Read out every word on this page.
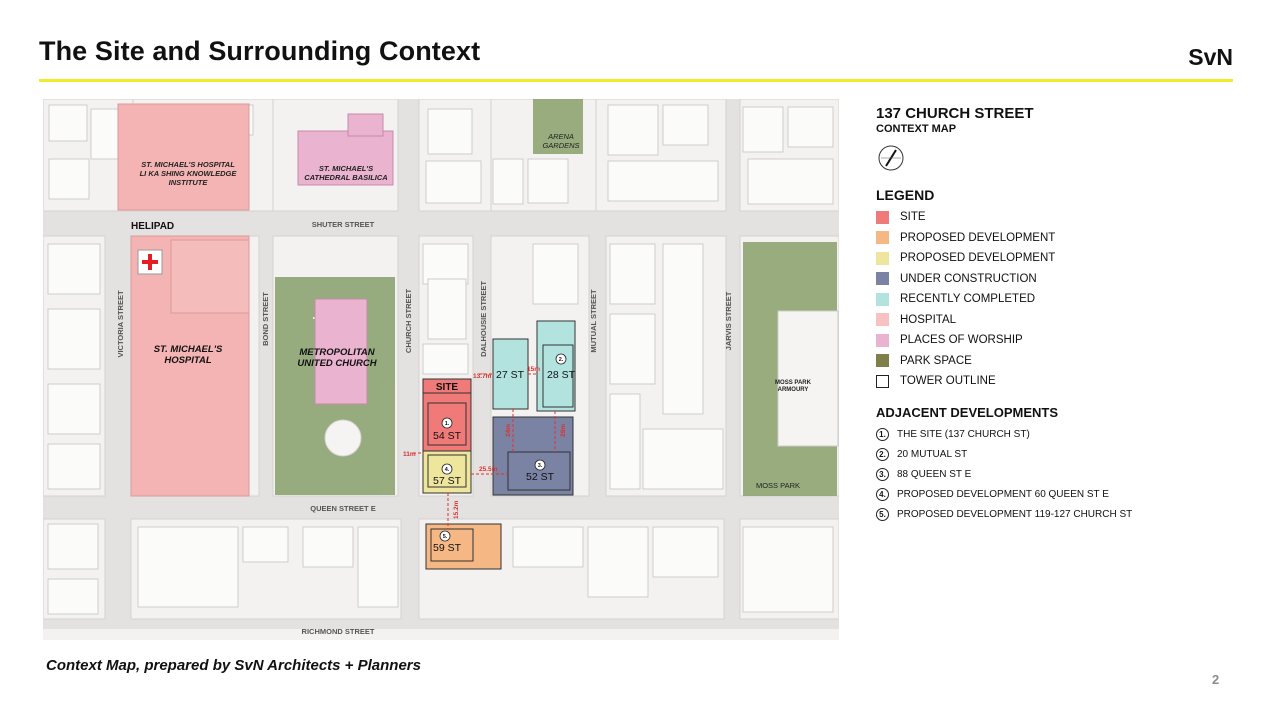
The Site and Surrounding Context	SvN
SHUTER STREET
QUEEN STREET E
RICHMOND STREET
VICTORIA STREET	BOND STREET	CHURCH STREET	DALHOUSIE STREET	MUTUAL STREET	JARVIS STREET
ST. MICHAEL'S HOSPITAL
LI KA SHING KNOWLEDGE
INSTITUTE
ST. MICHAEL'S
CATHEDRAL BASILICA
ARENA
GARDENS
MOSS PARK
ARMOURY
MOSS PARK
HELIPAD
ST. MICHAEL'S
HOSPITAL
METROPOLITAN
UNITED CHURCH
SITE
54 ST
57 ST
59 ST
52 ST
27 ST 28 ST
1.
2.
3.
4.
5.
13.7m
15m
24m	29m
11m
25.5m
15.2m
137 CHURCH STREET
CONTEXT MAP
LEGEND
SITE
PROPOSED DEVELOPMENT
PROPOSED DEVELOPMENT
UNDER CONSTRUCTION
RECENTLY COMPLETED
HOSPITAL
PLACES OF WORSHIP
PARK SPACE
TOWER OUTLINE
ADJACENT DEVELOPMENTS
1.	THE SITE (137 CHURCH ST)
2.	20 MUTUAL ST
3.	88 QUEEN ST E
4.	PROPOSED DEVELOPMENT 60 QUEEN ST E
5.	PROPOSED DEVELOPMENT 119-127 CHURCH ST
Context Map, prepared by SvN Architects + Planners
2
